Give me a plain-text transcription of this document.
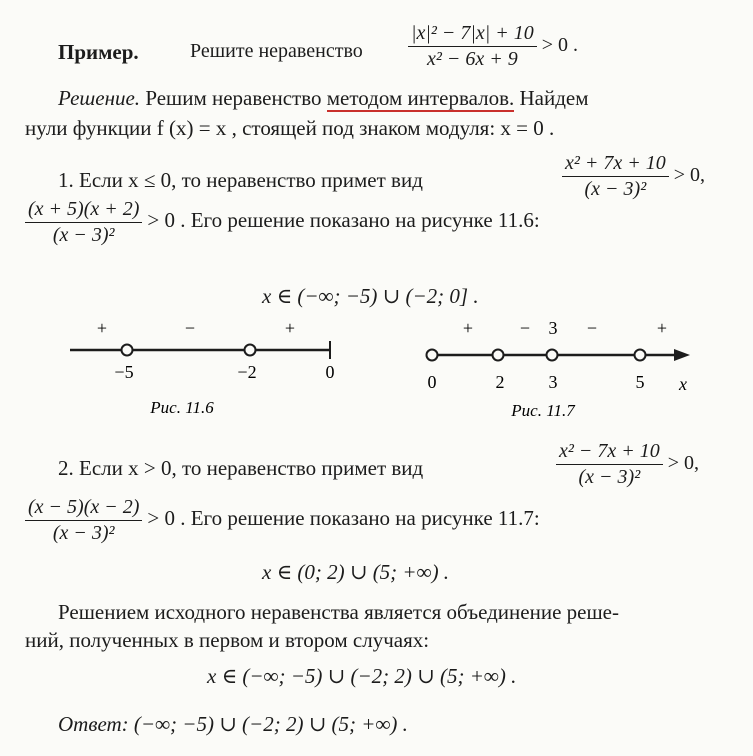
Пример.	Решите неравенство $\frac{\text{|x|² − 7|x| + 10}}{\text{x² − 6x + 9}} > 0$ .
Решение. Решим неравенство методом интервалов. Найдем
нули функции f (x) = x , стоящей под знаком модуля: x = 0 .
1. Если x ≤ 0, то неравенство примет вид	$\frac{\text{x² + 7x + 10}}{\text{(x − 3)²}} > 0$,
$\frac{(x + 5)(x + 2)}{\text{(x − 3)²}} > 0$ . Его решение показано на рисунке 11.6:
x ∈ (−∞; −5) ∪ (−2; 0] .
+	−	+
−5	−2	0
Рис. 11.6
+	− 3 −	+
0	2 3	5 x
Рис. 11.7
2. Если x > 0, то неравенство примет вид	$\frac{\text{x² − 7x + 10}}{\text{(x − 3)²}} > 0$,
$\frac{(x - 5)(x - 2)}{\text{(x − 3)²}} > 0$ . Его решение показано на рисунке 11.7:
x ∈ (0; 2) ∪ (5; +∞) .
Решением исходного неравенства является объединение реше-
ний, полученных в первом и втором случаях:
x ∈ (−∞; −5) ∪ (−2; 2) ∪ (5; +∞) .
Ответ: (−∞; −5) ∪ (−2; 2) ∪ (5; +∞) .
